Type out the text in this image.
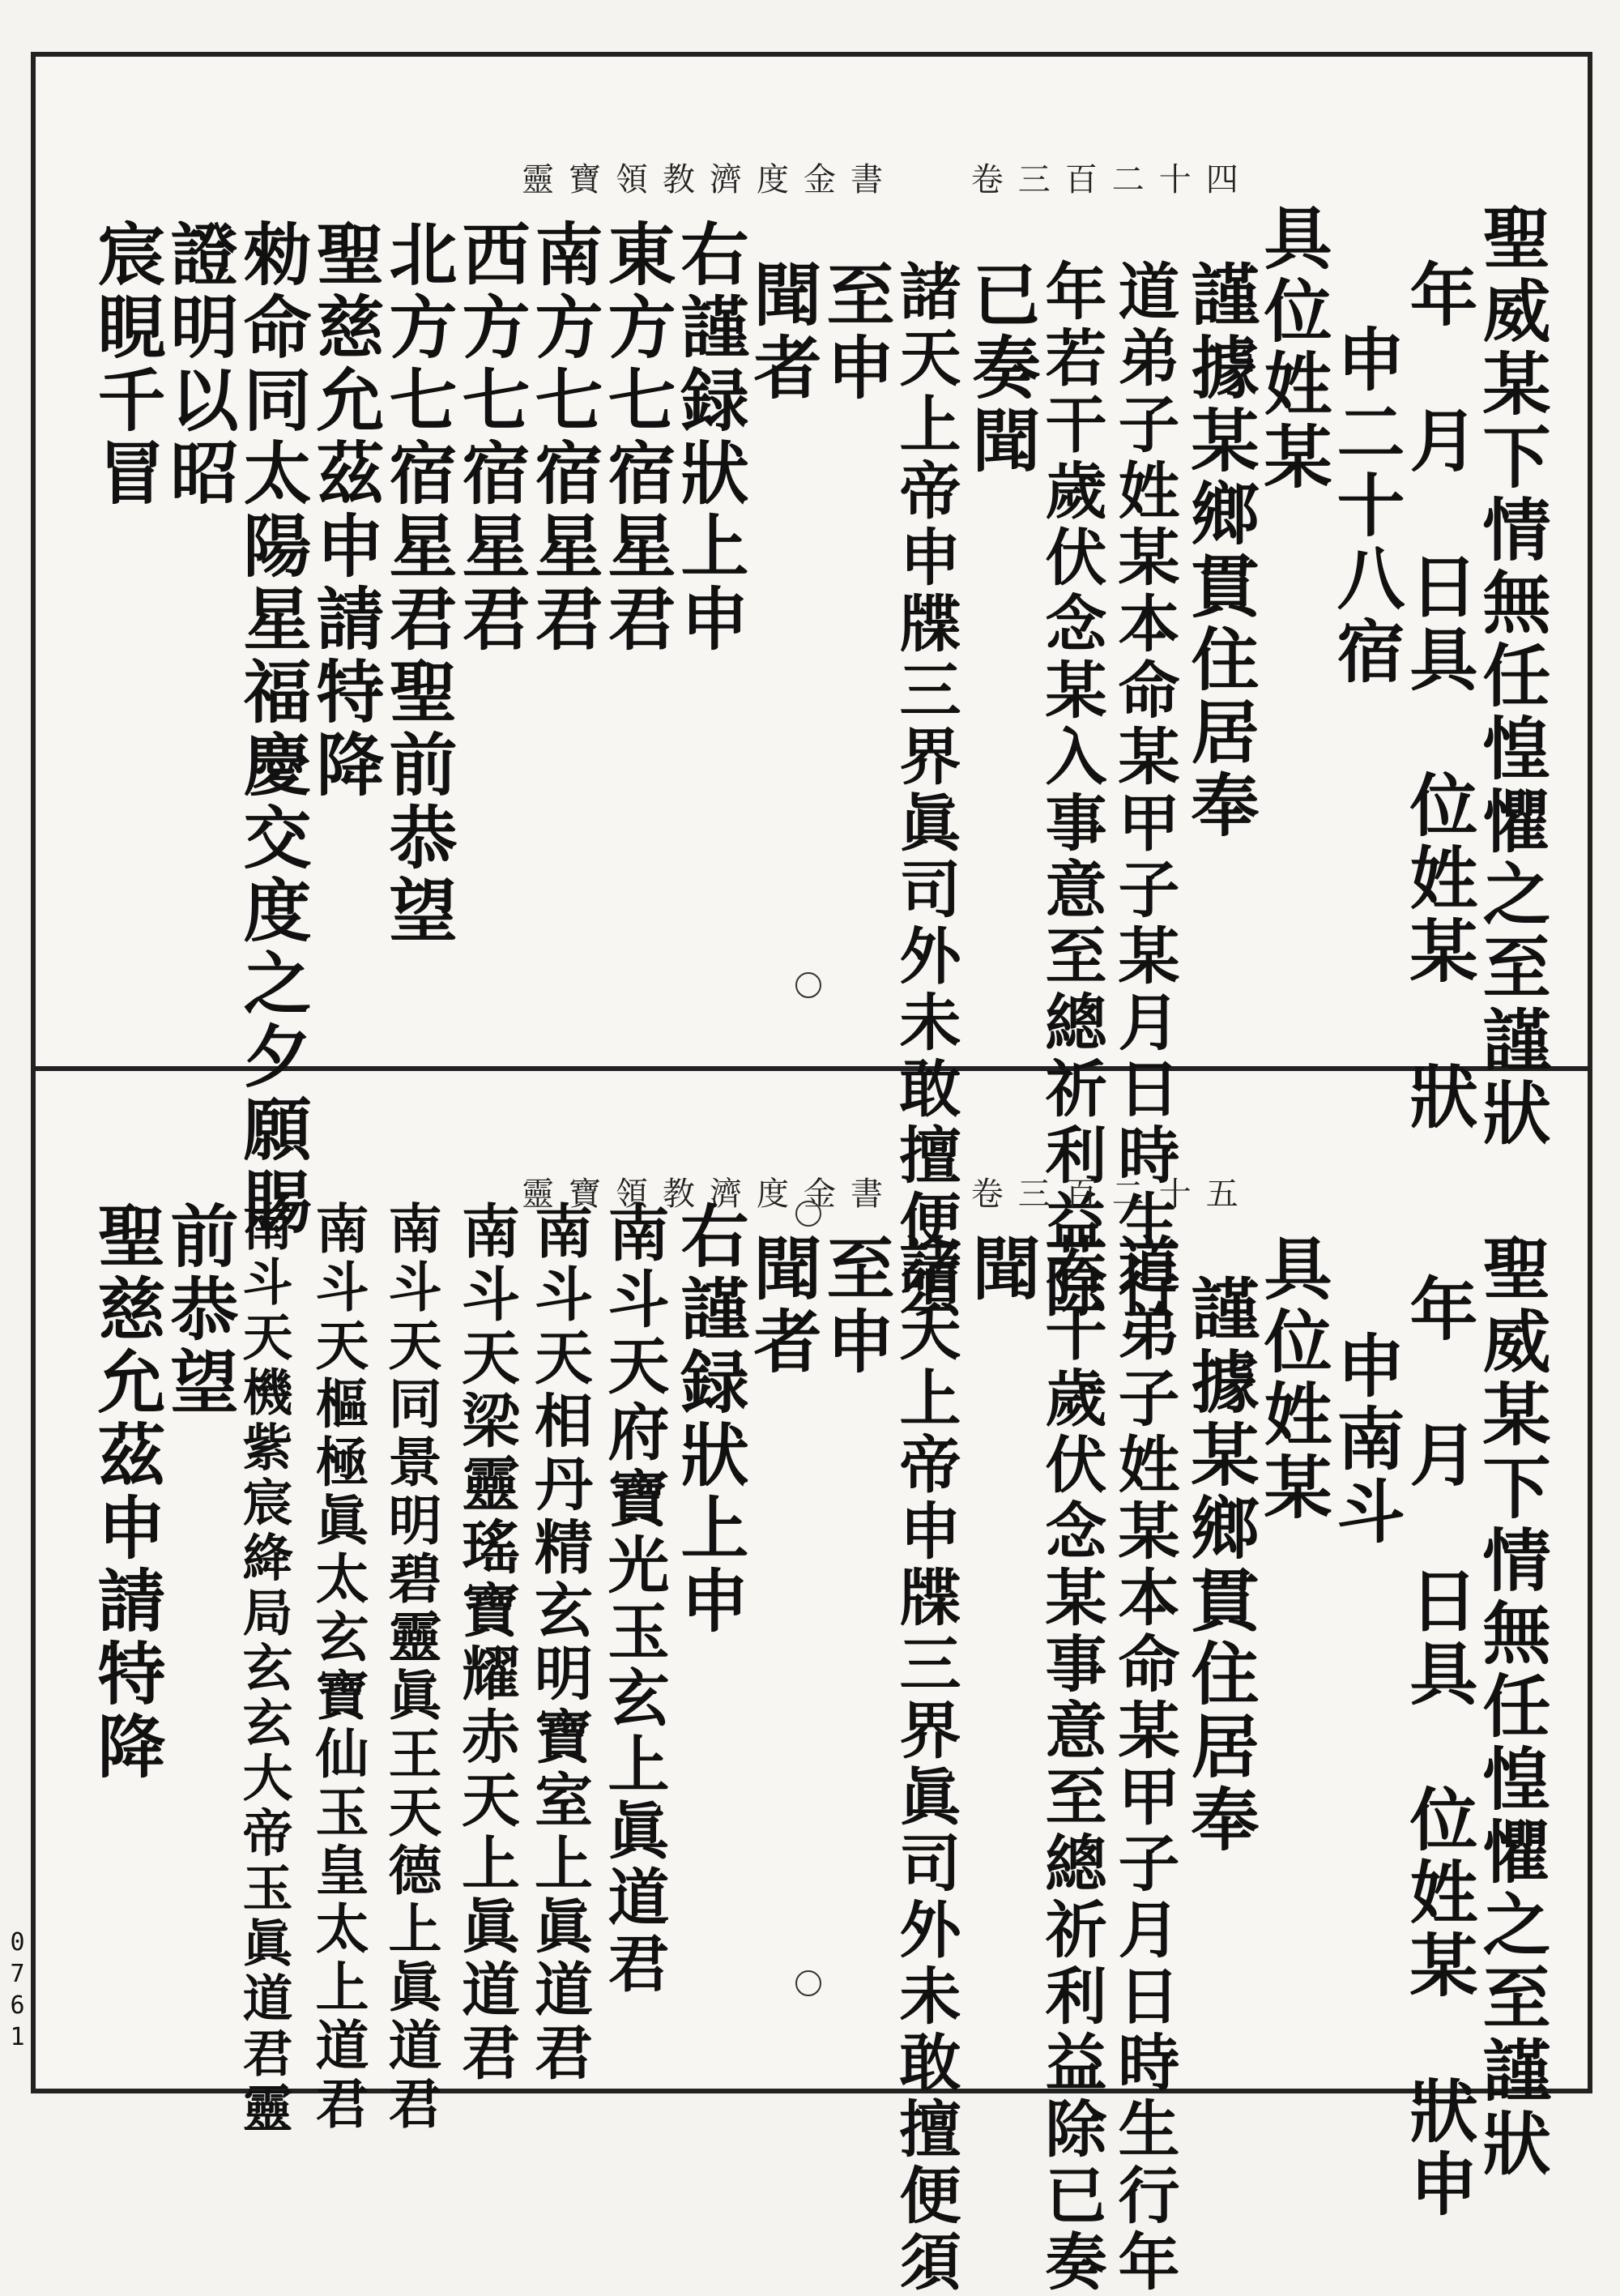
靈寶領教濟度金書 卷三百二十四
聖威某下情無任惶懼之至謹狀
年　月　日具　位姓某　狀
申二十八宿
具位姓某
謹據某鄉貫住居奉
道弟子姓某本命某甲子某月日時生行
年若干歲伏念某入事意至總祈利益除
已奏聞
諸天上帝申牒三界眞司外未敢擅便須
至申
聞者
右謹録狀上申
東方七宿星君
南方七宿星君
西方七宿星君
北方七宿星君聖前恭望
聖慈允茲申請特降
勑命同太陽星福慶交度之夕願賜
證明以昭
宸睍千冒
靈寶領教濟度金書 卷三百二十五
聖威某下情無任惶懼之至謹狀
年　月　日具　位姓某　狀申
申南斗
具位姓某
謹據某鄉貫住居奉
道弟子姓某本命某甲子月日時生行年
若干歲伏念某事意至總祈利益除已奏
聞
諸天上帝申牒三界眞司外未敢擅便須
至申
聞者
右謹録狀上申
南斗天府寶光玉玄上眞道君
南斗天相丹精玄明寶室上眞道君
南斗天梁靈瑤寶耀赤天上眞道君
南斗天同景明碧靈眞王天德上眞道君
南斗天樞極眞太玄寶仙玉皇太上道君
南斗天機紫宸絳局玄玄大帝玉眞道君靈
前恭望
聖慈允茲申請特降
0761
